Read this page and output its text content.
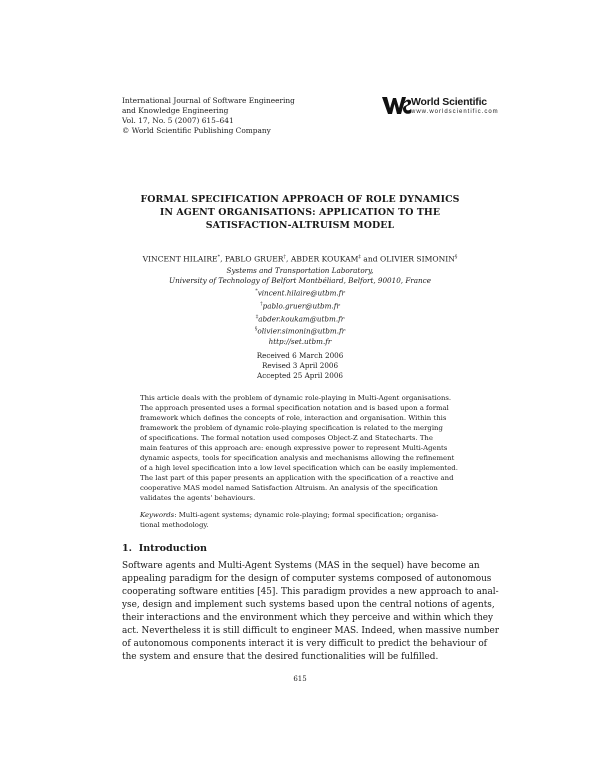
International Journal of Software Engineering
and Knowledge Engineering
Vol. 17, No. 5 (2007) 615–641
© World Scientific Publishing Company
World Scientific
www.worldscientific.com
FORMAL SPECIFICATION APPROACH OF ROLE DYNAMICS
IN AGENT ORGANISATIONS: APPLICATION TO THE
SATISFACTION-ALTRUISM MODEL
VINCENT HILAIRE*, PABLO GRUER†, ABDER KOUKAM‡ and OLIVIER SIMONIN§
Systems and Transportation Laboratory,
University of Technology of Belfort Montbéliard, Belfort, 90010, France
*vincent.hilaire@utbm.fr
†pablo.gruer@utbm.fr
‡abder.koukam@utbm.fr
§olivier.simonin@utbm.fr
http://set.utbm.fr
Received 6 March 2006
Revised 3 April 2006
Accepted 25 April 2006
This article deals with the problem of dynamic role-playing in Multi-Agent organisations.
The approach presented uses a formal specification notation and is based upon a formal
framework which defines the concepts of role, interaction and organisation. Within this
framework the problem of dynamic role-playing specification is related to the merging
of specifications. The formal notation used composes Object-Z and Statecharts. The
main features of this approach are: enough expressive power to represent Multi-Agents
dynamic aspects, tools for specification analysis and mechanisms allowing the refinement
of a high level specification into a low level specification which can be easily implemented.
The last part of this paper presents an application with the specification of a reactive and
cooperative MAS model named Satisfaction Altruism. An analysis of the specification
validates the agents' behaviours.
Keywords: Multi-agent systems; dynamic role-playing; formal specification; organisa-
tional methodology.
1. Introduction
Software agents and Multi-Agent Systems (MAS in the sequel) have become an
appealing paradigm for the design of computer systems composed of autonomous
cooperating software entities [45]. This paradigm provides a new approach to anal-
yse, design and implement such systems based upon the central notions of agents,
their interactions and the environment which they perceive and within which they
act. Nevertheless it is still difficult to engineer MAS. Indeed, when massive number
of autonomous components interact it is very difficult to predict the behaviour of
the system and ensure that the desired functionalities will be fulfilled.
615
